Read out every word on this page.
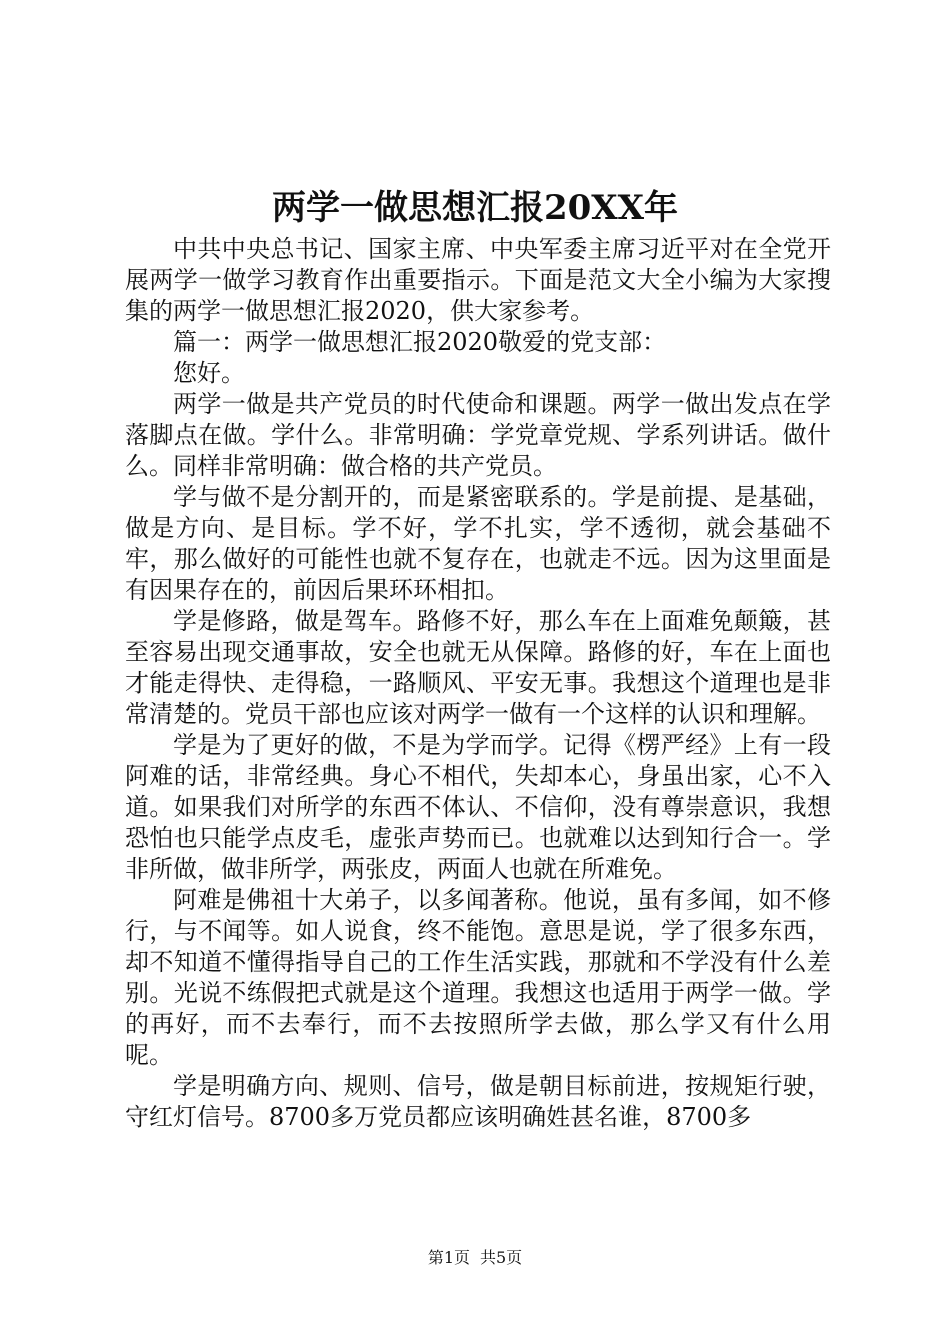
两学一做思想汇报20XX年

中共中央总书记、国家主席、中央军委主席习近平对在全党开展两学一做学习教育作出重要指示。下面是范文大全小编为大家搜集的两学一做思想汇报2020，供大家参考。

篇一：两学一做思想汇报2020敬爱的党支部：

您好。

两学一做是共产党员的时代使命和课题。两学一做出发点在学落脚点在做。学什么。非常明确：学党章党规、学系列讲话。做什么。同样非常明确：做合格的共产党员。

学与做不是分割开的，而是紧密联系的。学是前提、是基础，做是方向、是目标。学不好，学不扎实，学不透彻，就会基础不牢，那么做好的可能性也就不复存在，也就走不远。因为这里面是有因果存在的，前因后果环环相扣。

学是修路，做是驾车。路修不好，那么车在上面难免颠簸，甚至容易出现交通事故，安全也就无从保障。路修的好，车在上面也才能走得快、走得稳，一路顺风、平安无事。我想这个道理也是非常清楚的。党员干部也应该对两学一做有一个这样的认识和理解。

学是为了更好的做，不是为学而学。记得《楞严经》上有一段阿难的话，非常经典。身心不相代，失却本心，身虽出家，心不入道。如果我们对所学的东西不体认、不信仰，没有尊崇意识，我想恐怕也只能学点皮毛，虚张声势而已。也就难以达到知行合一。学非所做，做非所学，两张皮，两面人也就在所难免。

阿难是佛祖十大弟子，以多闻著称。他说，虽有多闻，如不修行，与不闻等。如人说食，终不能饱。意思是说，学了很多东西，却不知道不懂得指导自己的工作生活实践，那就和不学没有什么差别。光说不练假把式就是这个道理。我想这也适用于两学一做。学的再好，而不去奉行，而不去按照所学去做，那么学又有什么用呢。

学是明确方向、规则、信号，做是朝目标前进，按规矩行驶，守红灯信号。8700多万党员都应该明确姓甚名谁，8700多

第1页 共5页
